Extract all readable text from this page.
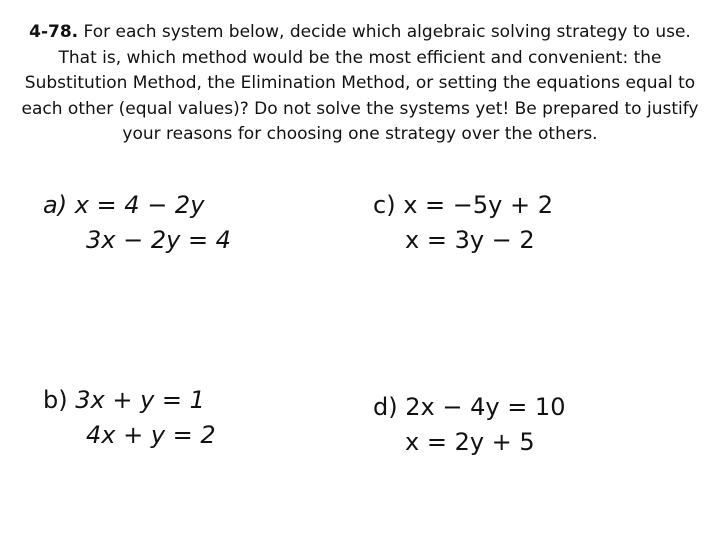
4-78. For each system below, decide which algebraic solving strategy to use. That is, which method would be the most efficient and convenient: the Substitution Method, the Elimination Method, or setting the equations equal to each other (equal values)? Do not solve the systems yet! Be prepared to justify your reasons for choosing one strategy over the others.
a) x = 4 − 2y
3x − 2y = 4
c) x = −5y + 2
x = 3y − 2
b) 3x + y = 1
4x + y = 2
d) 2x − 4y = 10
x = 2y + 5
